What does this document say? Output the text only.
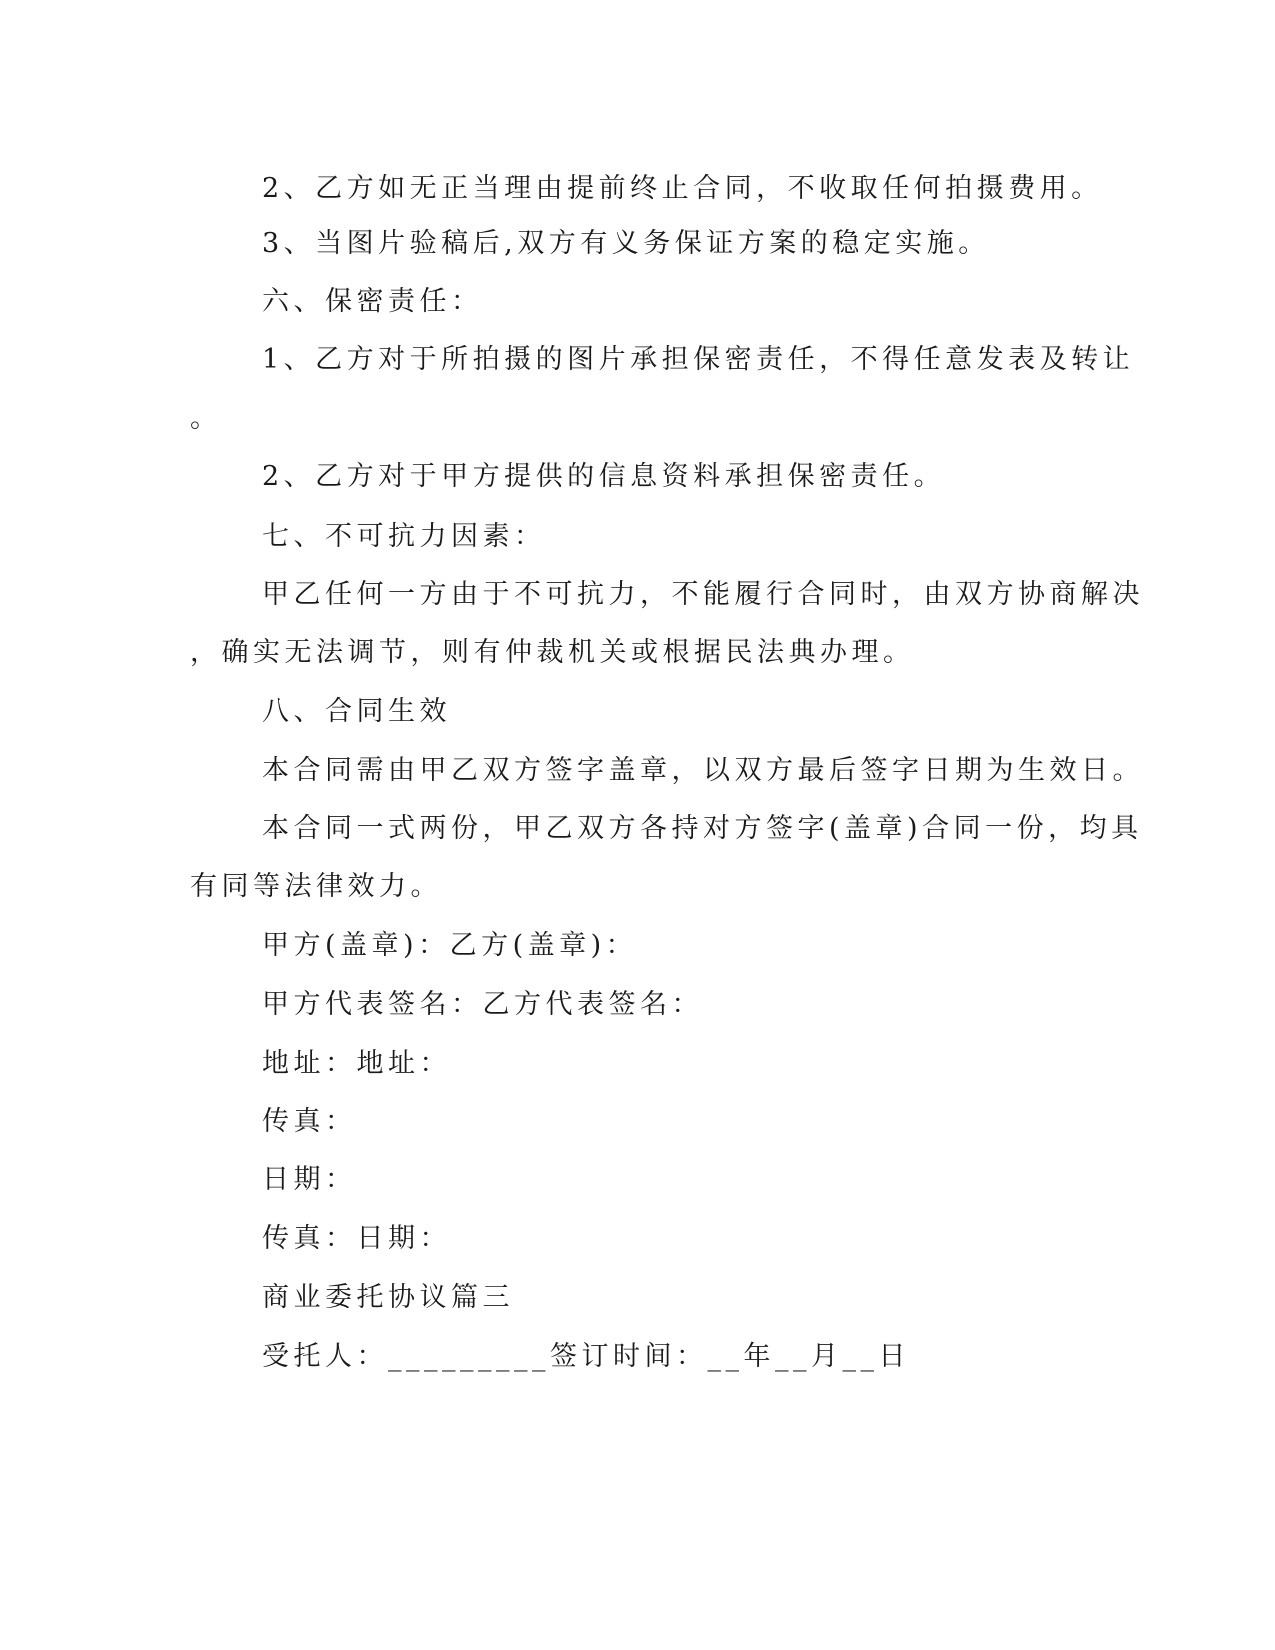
2、乙方如无正当理由提前终止合同，不收取任何拍摄费用。
3、当图片验稿后,双方有义务保证方案的稳定实施。
六、保密责任：
1、乙方对于所拍摄的图片承担保密责任，不得任意发表及转让
。
2、乙方对于甲方提供的信息资料承担保密责任。
七、不可抗力因素：
甲乙任何一方由于不可抗力，不能履行合同时，由双方协商解决
，确实无法调节，则有仲裁机关或根据民法典办理。
八、合同生效
本合同需由甲乙双方签字盖章，以双方最后签字日期为生效日。
本合同一式两份，甲乙双方各持对方签字(盖章)合同一份，均具
有同等法律效力。
甲方(盖章)：乙方(盖章)：
甲方代表签名：乙方代表签名：
地址：地址：
传真：
日期：
传真：日期：
商业委托协议篇三
受托人：_________签订时间：__年__月__日
